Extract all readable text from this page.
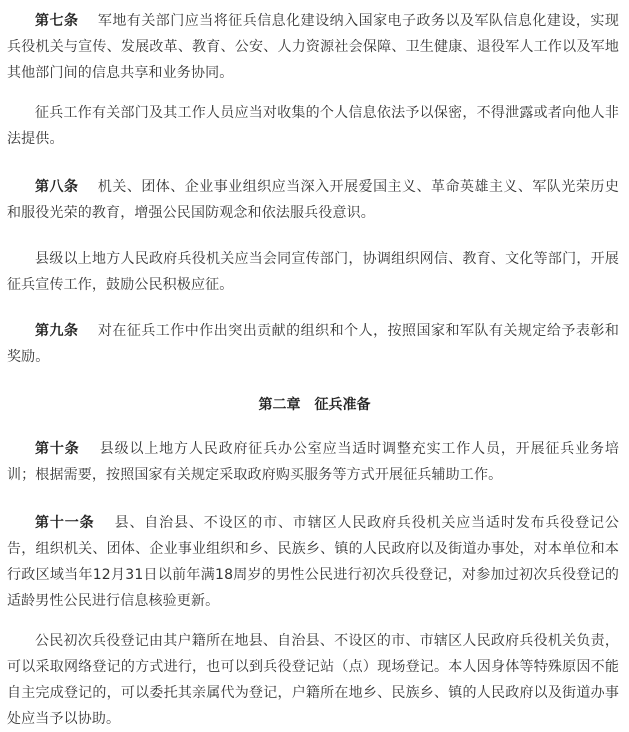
第七条　 军地有关部门应当将征兵信息化建设纳入国家电子政务以及军队信息化建设，实现兵役机关与宣传、发展改革、教育、公安、人力资源社会保障、卫生健康、退役军人工作以及军地其他部门间的信息共享和业务协同。

征兵工作有关部门及其工作人员应当对收集的个人信息依法予以保密，不得泄露或者向他人非法提供。

第八条　 机关、团体、企业事业组织应当深入开展爱国主义、革命英雄主义、军队光荣历史和服役光荣的教育，增强公民国防观念和依法服兵役意识。

县级以上地方人民政府兵役机关应当会同宣传部门，协调组织网信、教育、文化等部门，开展征兵宣传工作，鼓励公民积极应征。

第九条　 对在征兵工作中作出突出贡献的组织和个人，按照国家和军队有关规定给予表彰和奖励。

第二章　征兵准备

第十条　 县级以上地方人民政府征兵办公室应当适时调整充实工作人员，开展征兵业务培训；根据需要，按照国家有关规定采取政府购买服务等方式开展征兵辅助工作。

第十一条　 县、自治县、不设区的市、市辖区人民政府兵役机关应当适时发布兵役登记公告，组织机关、团体、企业事业组织和乡、民族乡、镇的人民政府以及街道办事处，对本单位和本行政区域当年12月31日以前年满18周岁的男性公民进行初次兵役登记，对参加过初次兵役登记的适龄男性公民进行信息核验更新。

公民初次兵役登记由其户籍所在地县、自治县、不设区的市、市辖区人民政府兵役机关负责，可以采取网络登记的方式进行，也可以到兵役登记站（点）现场登记。本人因身体等特殊原因不能自主完成登记的，可以委托其亲属代为登记，户籍所在地乡、民族乡、镇的人民政府以及街道办事处应当予以协助。
